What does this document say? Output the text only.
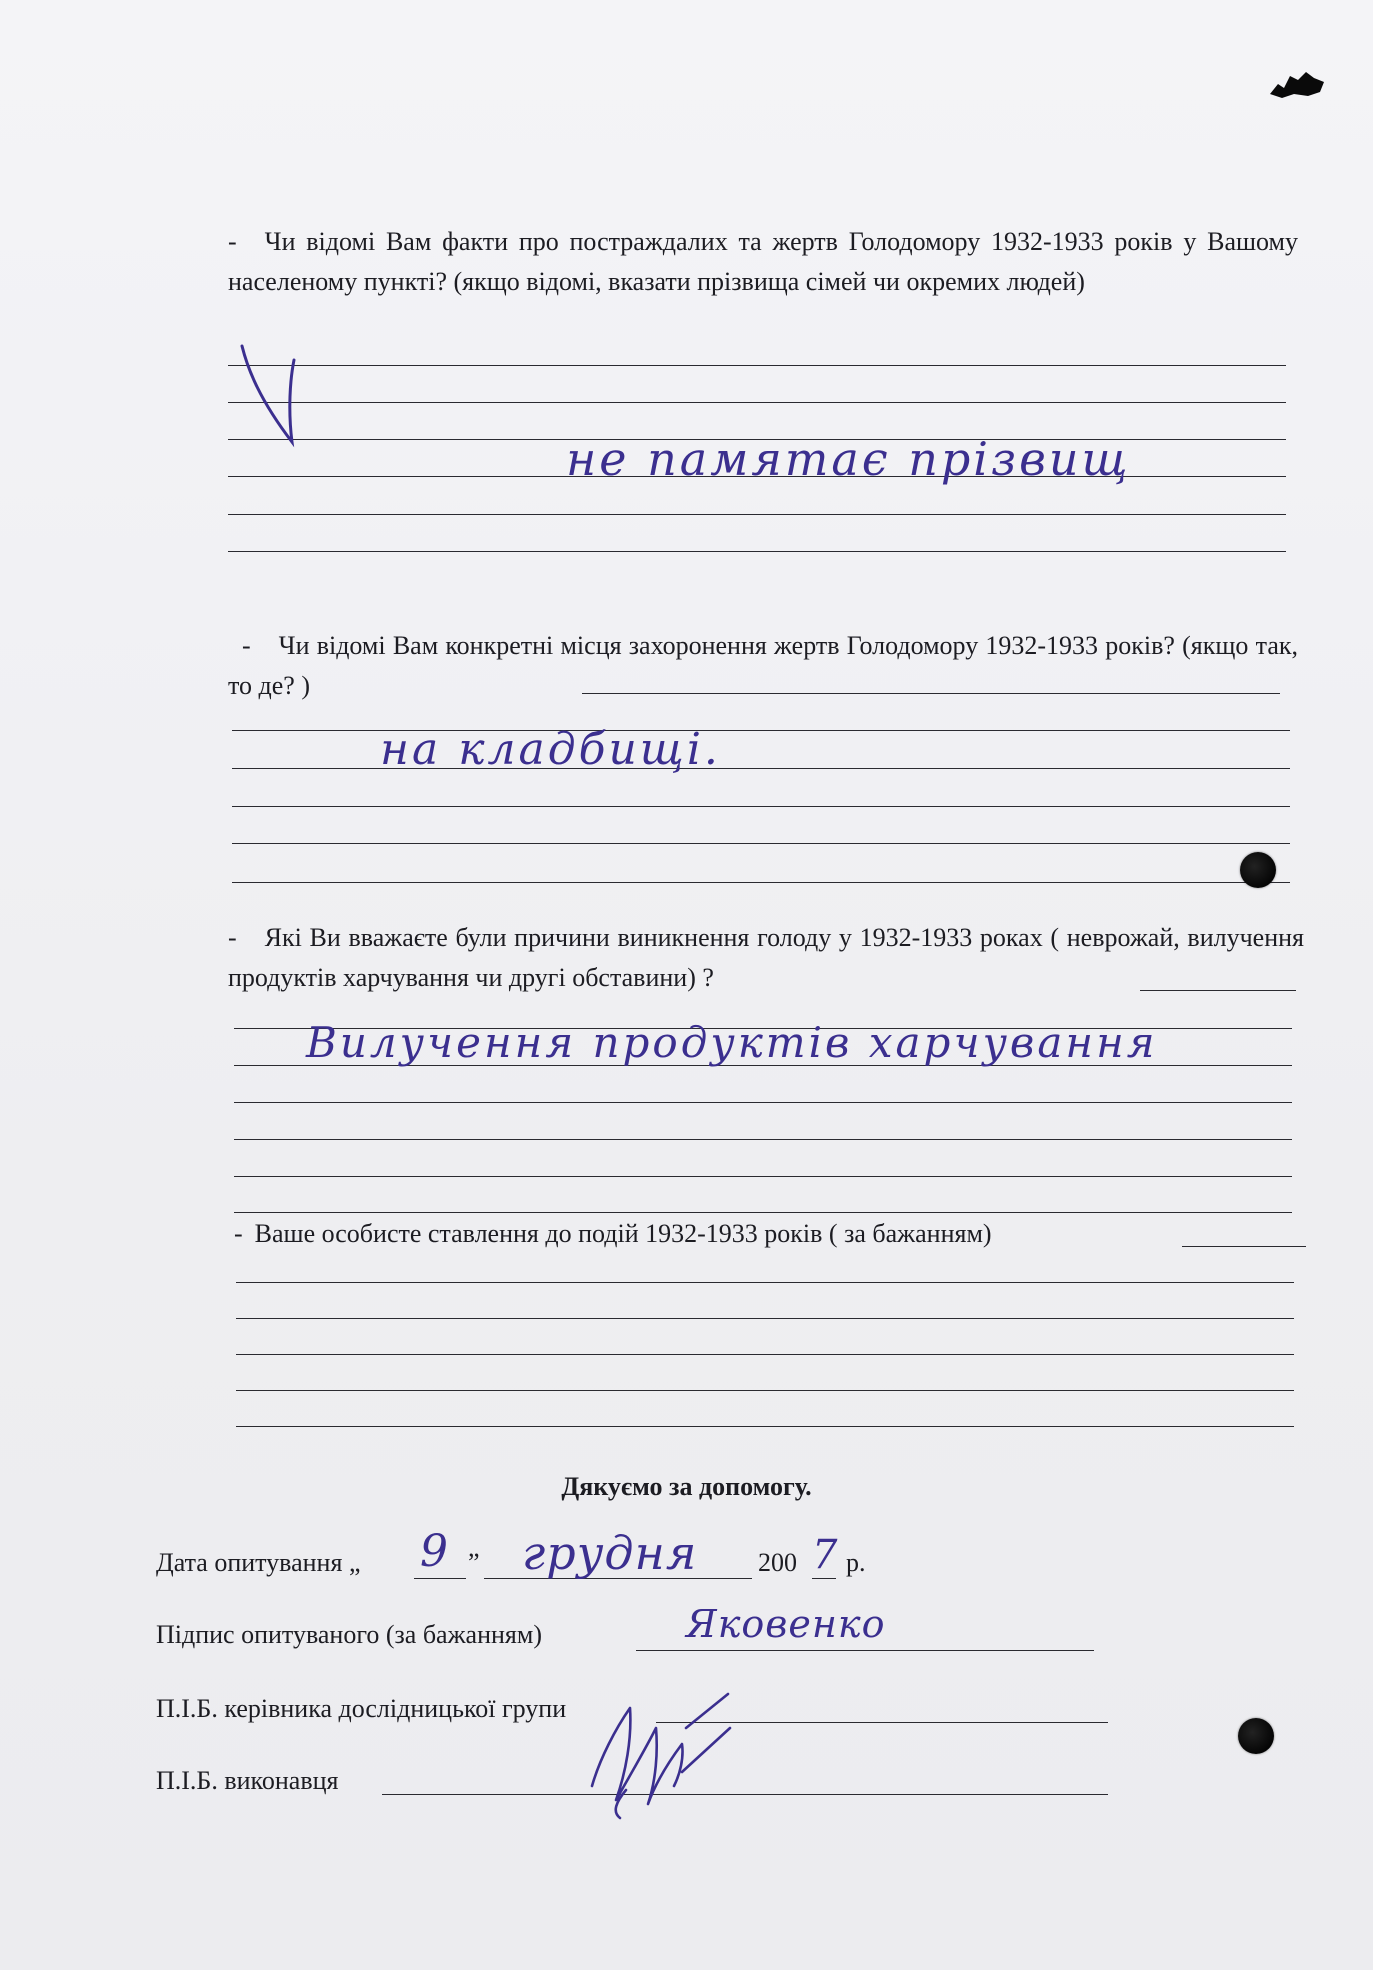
- Чи відомі Вам факти про постраждалих та жертв Голодомору 1932-1933 років у Вашому населеному пункті? (якщо відомі, вказати прізвища сімей чи окремих людей)
не памятає прізвищ
- Чи відомі Вам конкретні місця захоронення жертв Голодомору 1932-1933 років? (якщо так, то де? )
на кладбищі.
- Які Ви вважаєте були причини виникнення голоду у 1932-1933 роках ( неврожай, вилучення продуктів харчування чи другі обставини) ?
Вилучення продуктів харчування
- Ваше особисте ставлення до подій 1932-1933 років ( за бажанням)
Дякуємо за допомогу.
Дата опитування „ 9 ” грудня 200 7 р.
Підпис опитуваного (за бажанням)	Яковенко
П.І.Б. керівника дослідницької групи
П.І.Б. виконавця
